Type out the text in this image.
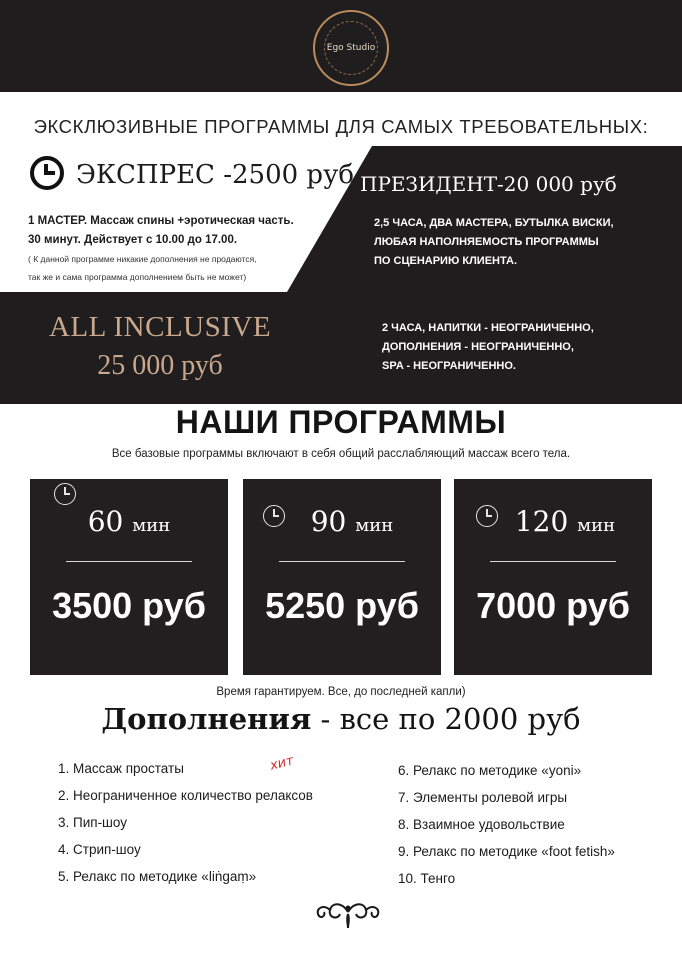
Ego Studio
ЭКСКЛЮЗИВНЫЕ ПРОГРАММЫ ДЛЯ САМЫХ ТРЕБОВАТЕЛЬНЫХ:
ЭКСПРЕС -2500 руб
1 МАСТЕР. Массаж спины +эротическая часть.
30 минут. Действует с 10.00 до 17.00.
( К данной программе никакие дополнения не продаются,
так же и сама программа дополнением быть не может)
ПРЕЗИДЕНТ-20 000 руб
2,5 ЧАСА, ДВА МАСТЕРА, БУТЫЛКА ВИСКИ,
ЛЮБАЯ НАПОЛНЯЕМОСТЬ ПРОГРАММЫ
ПО СЦЕНАРИЮ КЛИЕНТА.
ALL INCLUSIVE
25 000 руб
2 ЧАСА, НАПИТКИ - НЕОГРАНИЧЕННО,
ДОПОЛНЕНИЯ - НЕОГРАНИЧЕННО,
SPA - НЕОГРАНИЧЕННО.
НАШИ ПРОГРАММЫ
Все базовые программы включают в себя общий расслабляющий массаж всего тела.
60 мин
3500 руб
90 мин
5250 руб
120 мин
7000 руб
Время гарантируем. Все, до последней капли)
Дополнения - все по 2000 руб
1. Массаж простаты
2. Неограниченное количество релаксов
3. Пип-шоу
4. Стрип-шоу
5. Релакс по методике «liṅgaṃ»
хит	6. Релакс по методике «yoni»
7. Элементы ролевой игры
8. Взаимное удовольствие
9. Релакс по методике «foot fetish»
10. Тенго
